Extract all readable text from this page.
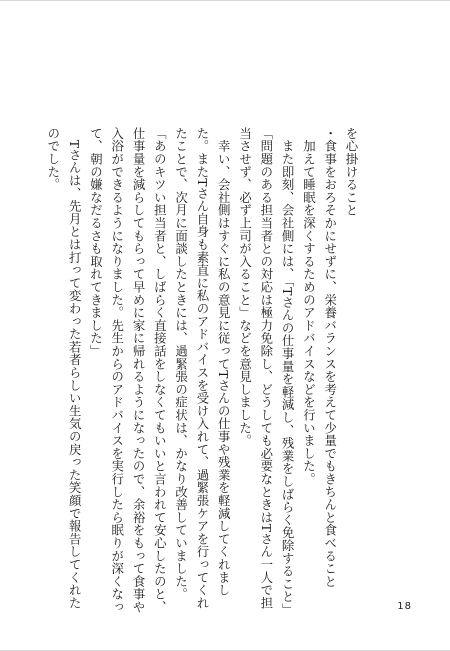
を心掛けること
・食事をおろそかにせずに、栄養バランスを考えて少量でもきちんと食べること
　加えて睡眠を深くするためのアドバイスなどを行いました。
　また即刻、会社側には、「Tさんの仕事量を軽減し、残業をしばらく免除すること」
「問題のある担当者との対応は極力免除し、どうしても必要なときはTさん一人で担
当させず、必ず上司が入ること」などを意見しました。
　幸い、会社側はすぐに私の意見に従ってTさんの仕事や残業を軽減してくれまし
た。またTさん自身も素直に私のアドバイスを受け入れて、過緊張ケアを行ってくれ
たことで、次月に面談したときには、過緊張の症状は、かなり改善していました。
「あのキツい担当者と、しばらく直接話をしなくてもいいと言われて安心したのと、
仕事量を減らしてもらって早めに家に帰れるようになったので、余裕をもって食事や
入浴ができるようになりました。先生からのアドバイスを実行したら眠りが深くなっ
て、朝の嫌なだるさも取れてきました」
　Tさんは、先月とは打って変わった若者らしい生気の戻った笑顔で報告してくれた
のでした。
18
